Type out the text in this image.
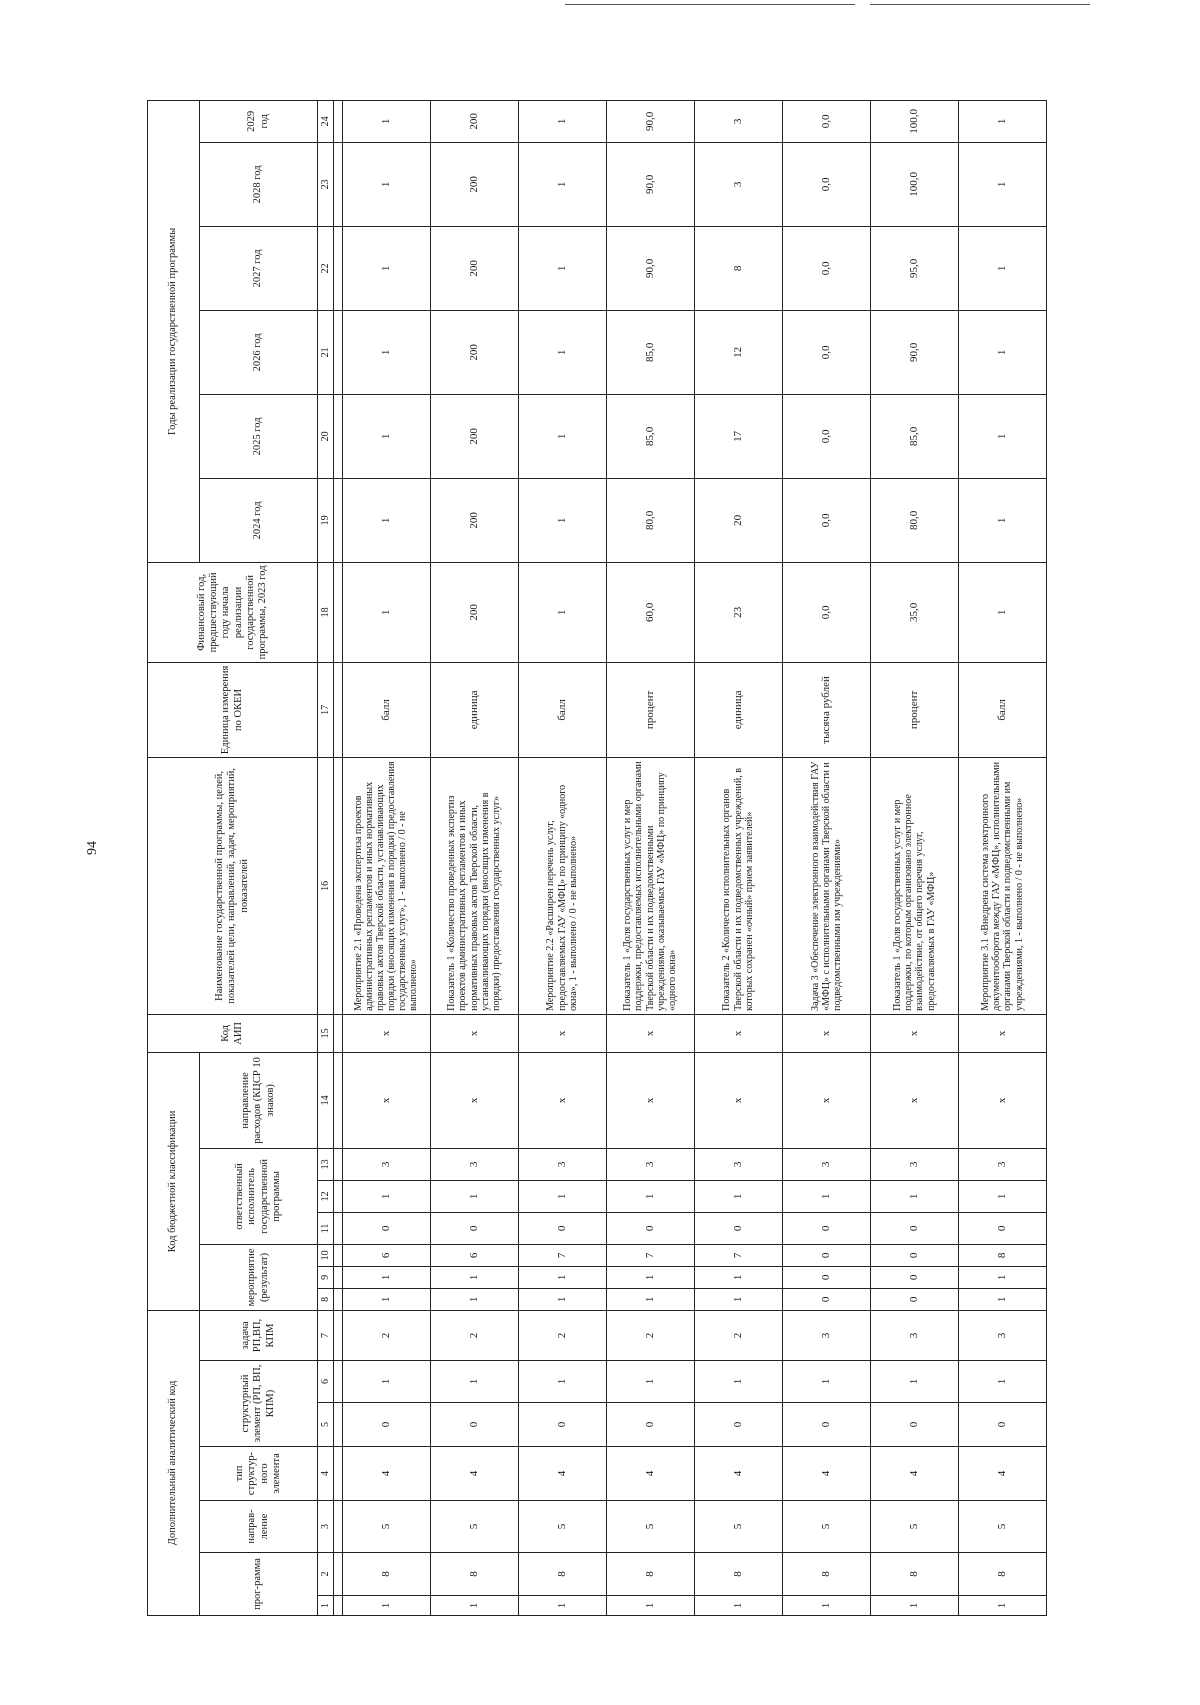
94
Дополнительный аналитический код							Код бюджетной классификации							Код АИП	Наименование государственной программы, целей, показателей цели, направлений, задач, мероприятий, показателей	Единица измерения по ОКЕИ	Финансовый год, предшествующий году начала реализации государственной программы, 2023 год	Годы реализации государственной программы					
прог-рамма		направ-ление	тип структур-ного элемента	структурный элемент (РП, ВП, КПМ)		задача РП,ВП, КПМ	мероприятие (результат)			ответственный исполнитель государственной программы			направление расходов (КЦСР 10 знаков)					2024 год	2025 год	2026 год	2027 год	2028 год	2029 год
1	2	3	4	5	6	7	8	9	10	11	12	13	14	15	16	17	18	19	20	21	22	23	24

1	8	5	4	0	1	2	1	1	6	0	1	3	х	х	Мероприятие 2.1 «Проведена экспертиза проектов административных регламентов и иных нормативных правовых актов Тверской области, устанавливающих порядки (вносящих изменения в порядки) предоставления государственных услуг», 1 - выполнено / 0 - не выполнено»	балл	1	1	1	1	1	1	1
1	8	5	4	0	1	2	1	1	6	0	1	3	х	х	Показатель 1 «Количество проведенных экспертиз проектов административных регламентов и иных нормативных правовых актов Тверской области, устанавливающих порядки (вносящих изменения в порядки) предоставления государственных услуг»	единица	200	200	200	200	200	200	200
1	8	5	4	0	1	2	1	1	7	0	1	3	х	х	Мероприятие 2.2 «Расширен перечень услуг, предоставляемых ГАУ «МФЦ» по принципу «одного окна», 1 - выполнено / 0 - не выполнено»	балл	1	1	1	1	1	1	1
1	8	5	4	0	1	2	1	1	7	0	1	3	х	х	Показатель 1 «Доля государственных услуг и мер поддержки, предоставляемых исполнительными органами Тверской области и их подведомственными учреждениями, оказываемых ГАУ «МФЦ» по принципу «одного окна»	процент	60,0	80,0	85,0	85,0	90,0	90,0	90,0
1	8	5	4	0	1	2	1	1	7	0	1	3	х	х	Показатель 2 «Количество исполнительных органов Тверской области и их подведомственных учреждений, в которых сохранен «очный» прием заявителей»	единица	23	20	17	12	8	3	3
1	8	5	4	0	1	3	0	0	0	0	1	3	х	х	Задача 3 «Обеспечение электронного взаимодействия ГАУ «МФЦ» с исполнительными органами Тверской области и подведомственными им учреждениями»	тысяча рублей	0,0	0,0	0,0	0,0	0,0	0,0	0,0
1	8	5	4	0	1	3	0	0	0	0	1	3	х	х	Показатель 1 «Доля государственных услуг и мер поддержки, по которым организовано электронное взаимодействие, от общего перечня услуг, предоставляемых в ГАУ «МФЦ»	процент	35,0	80,0	85,0	90,0	95,0	100,0	100,0
1	8	5	4	0	1	3	1	1	8	0	1	3	х	х	Мероприятие 3.1 «Внедрена система электронного документооборота между ГАУ «МФЦ», исполнительными органами Тверской области и подведомственными им учреждениями, 1 - выполнено / 0 - не выполнено»	балл	1	1	1	1	1	1	1
